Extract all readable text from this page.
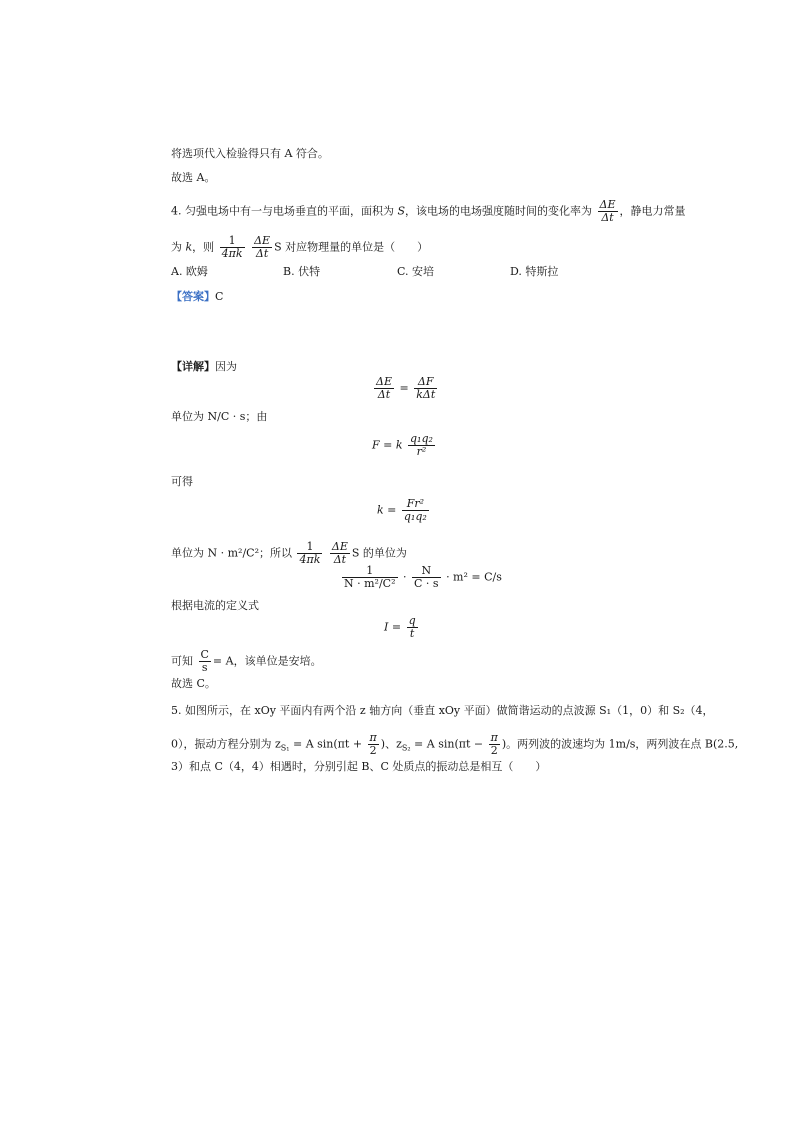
将选项代入检验得只有 A 符合。
故选 A。
4. 匀强电场中有一与电场垂直的平面，面积为 S，该电场的电场强度随时间的变化率为 $\frac{\Delta E}{\Delta t}$ ，静电力常量
为 k，则 $\frac{1}{4\pi k}$
$\frac{\Delta E}{\Delta t}$ S 对应物理量的单位是（　　）
A. 欧姆	B. 伏特	C. 安培	D. 特斯拉
【答案】C
【详解】因为
$\frac{\Delta E}{\Delta t} = \frac{\Delta F}{\text{kΔt}}$
单位为 N/C · s；由
F = k $\frac{\text{q₁q₂}}{\text{r²}}$
可得
$k = \frac{\text{Fr²}}{\text{q₁q₂}}$
单位为 N · m²/C²；所以 $\frac{1}{4\pi k}$
$\frac{\Delta E}{\Delta t}$ S 的单位为
$\frac{1}{\text{N · m²/C²}} \cdot \frac{N}{C \cdot s} \cdot m^2 = C/s$
根据电流的定义式
$I = \frac{q}{t}$
可知 $\frac{C}{s} = A$，该单位是安培。
故选 C。
5. 如图所示，在 xOy 平面内有两个沿 z 轴方向（垂直 xOy 平面）做简谐运动的点波源 S₁（1，0）和 S₂（4，
0），振动方程分别为 $z_{S_1} = A$ $\sin(\pi t + \frac{\pi}{2}$ )、$z_{S_2} = A$ $\sin(\pi t - \frac{\pi}{2}$ )。两列波的波速均为 1m/s，两列波在点 B(2.5,
3）和点 C（4，4）相遇时，分别引起 B、C 处质点的振动总是相互（　　）
